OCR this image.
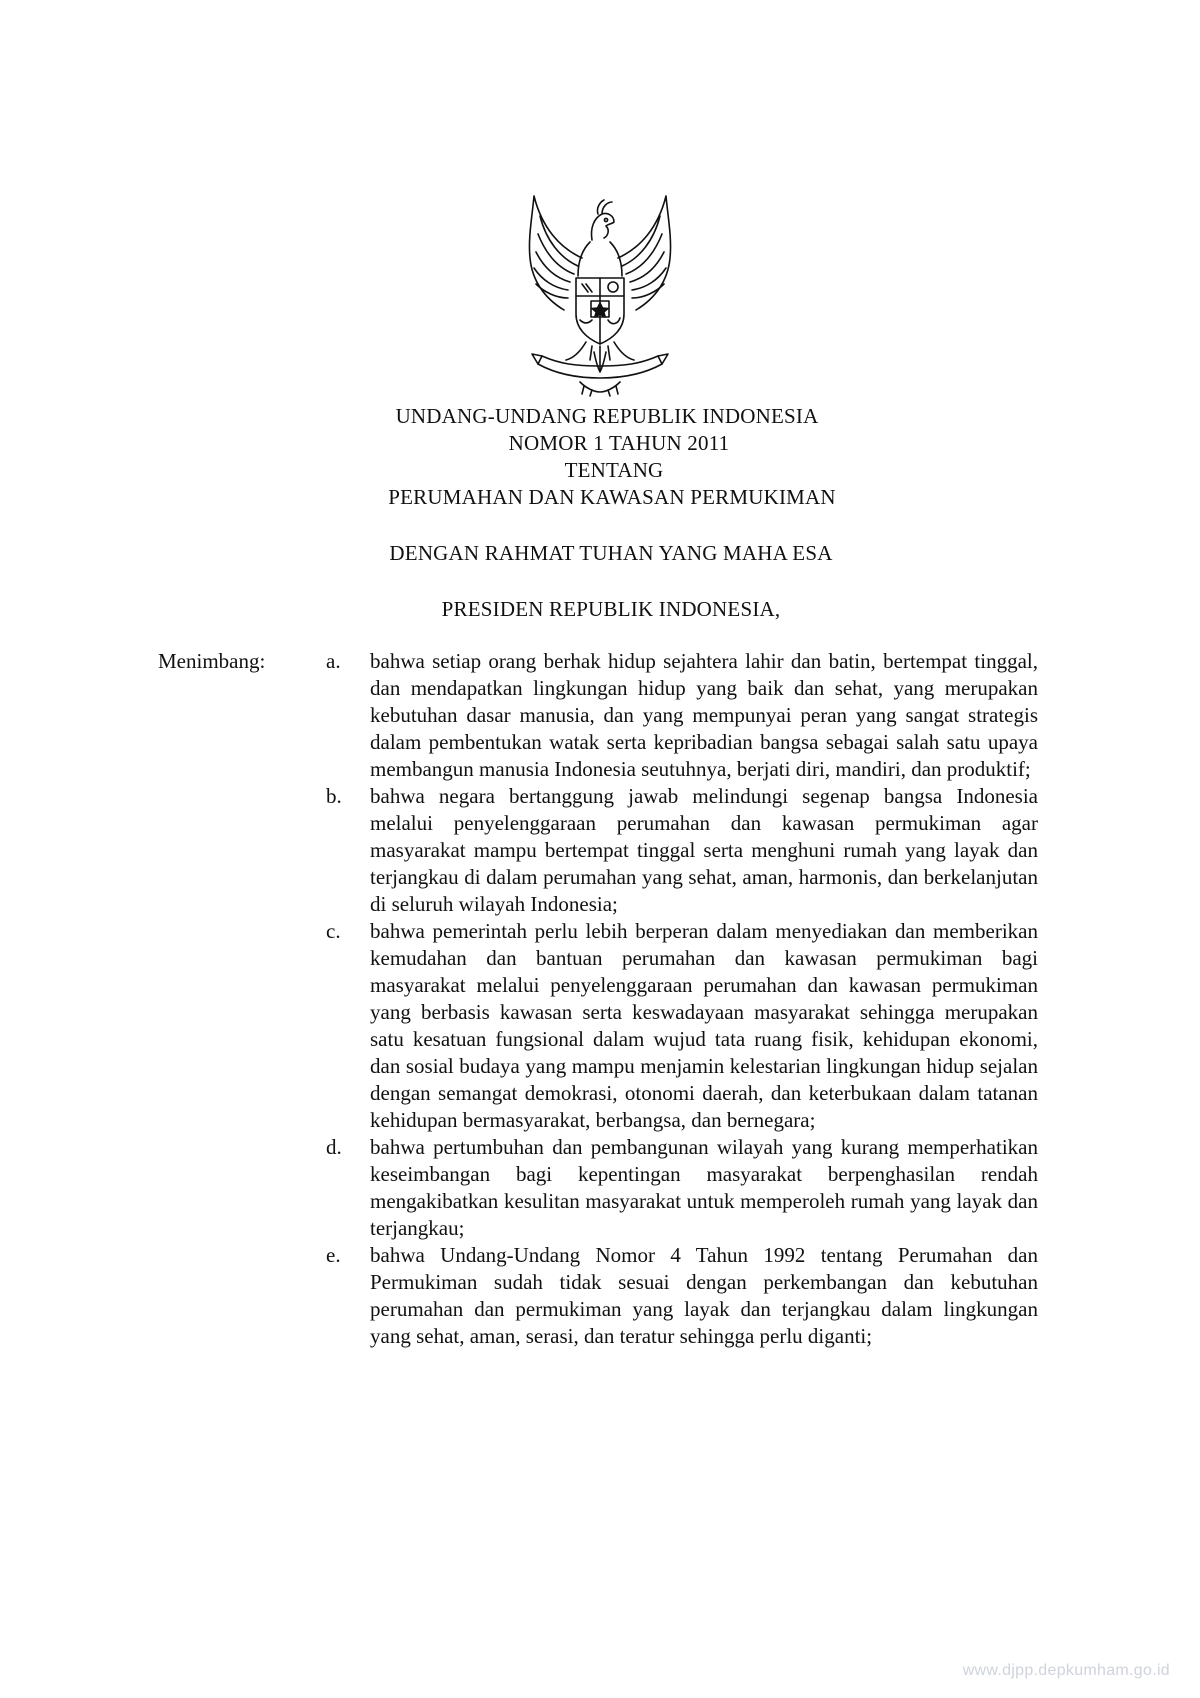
UNDANG-UNDANG REPUBLIK INDONESIA
NOMOR 1 TAHUN 2011
TENTANG
PERUMAHAN DAN KAWASAN PERMUKIMAN
DENGAN RAHMAT TUHAN YANG MAHA ESA
PRESIDEN REPUBLIK INDONESIA,
Menimbang:	a. bahwa setiap orang berhak hidup sejahtera lahir dan batin, bertempat tinggal, dan mendapatkan lingkungan hidup yang baik dan sehat, yang merupakan kebutuhan dasar manusia, dan yang mempunyai peran yang sangat strategis dalam pembentukan watak serta kepribadian bangsa sebagai salah satu upaya membangun manusia Indonesia seutuhnya, berjati diri, mandiri, dan produktif;
b. bahwa negara bertanggung jawab melindungi segenap bangsa Indonesia melalui penyelenggaraan perumahan dan kawasan permukiman agar masyarakat mampu bertempat tinggal serta menghuni rumah yang layak dan terjangkau di dalam perumahan yang sehat, aman, harmonis, dan berkelanjutan di seluruh wilayah Indonesia;
c. bahwa pemerintah perlu lebih berperan dalam menyediakan dan memberikan kemudahan dan bantuan perumahan dan kawasan permukiman bagi masyarakat melalui penyelenggaraan perumahan dan kawasan permukiman yang berbasis kawasan serta keswadayaan masyarakat sehingga merupakan satu kesatuan fungsional dalam wujud tata ruang fisik, kehidupan ekonomi, dan sosial budaya yang mampu menjamin kelestarian lingkungan hidup sejalan dengan semangat demokrasi, otonomi daerah, dan keterbukaan dalam tatanan kehidupan bermasyarakat, berbangsa, dan bernegara;
d. bahwa pertumbuhan dan pembangunan wilayah yang kurang memperhatikan keseimbangan bagi kepentingan masyarakat berpenghasilan rendah mengakibatkan kesulitan masyarakat untuk memperoleh rumah yang layak dan terjangkau;
e. bahwa Undang-Undang Nomor 4 Tahun 1992 tentang Perumahan dan Permukiman sudah tidak sesuai dengan perkembangan dan kebutuhan perumahan dan permukiman yang layak dan terjangkau dalam lingkungan yang sehat, aman, serasi, dan teratur sehingga perlu diganti;
www.djpp.depkumham.go.id
